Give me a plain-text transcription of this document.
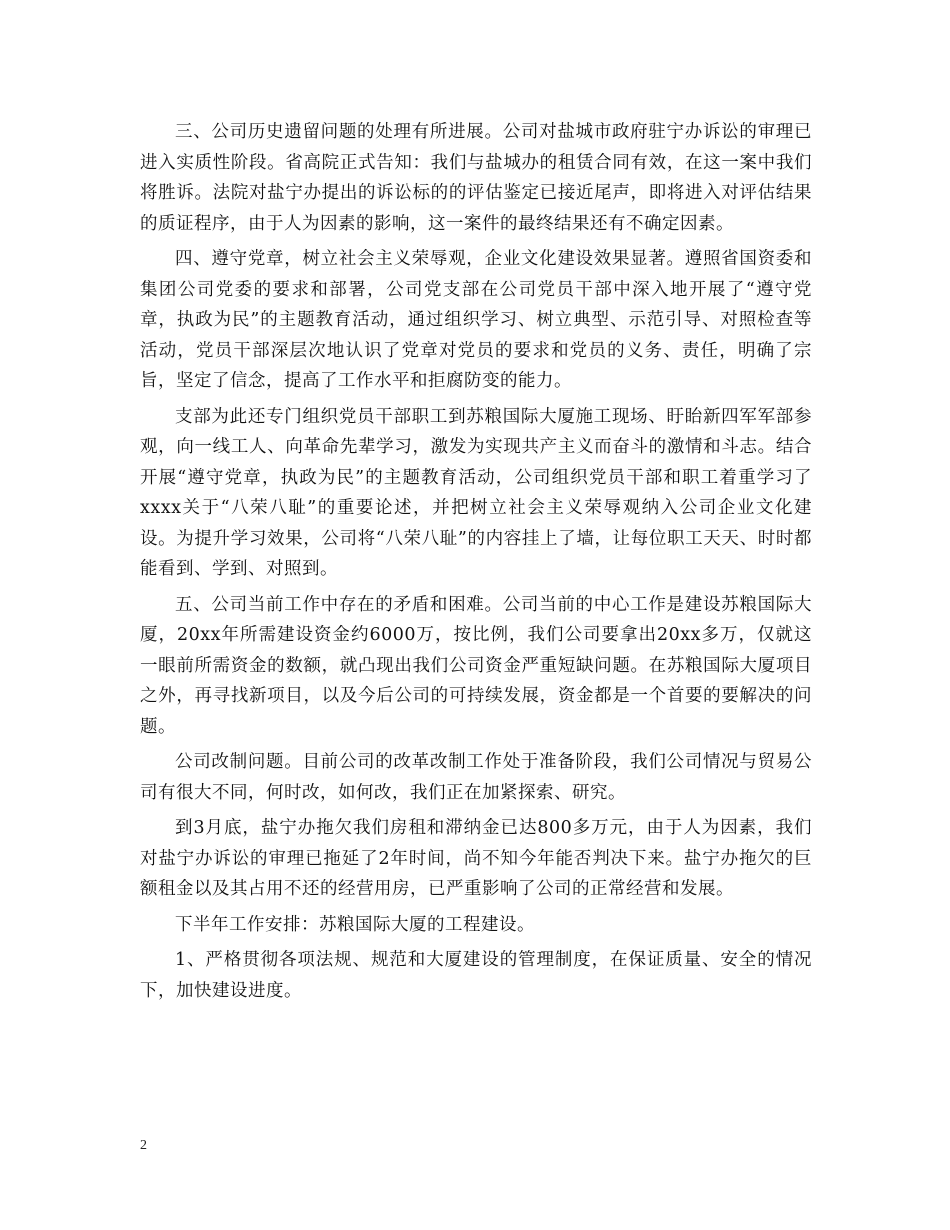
三、公司历史遗留问题的处理有所进展。公司对盐城市政府驻宁办诉讼的审理已进入实质性阶段。省高院正式告知：我们与盐城办的租赁合同有效，在这一案中我们将胜诉。法院对盐宁办提出的诉讼标的的评估鉴定已接近尾声，即将进入对评估结果的质证程序，由于人为因素的影响，这一案件的最终结果还有不确定因素。

四、遵守党章，树立社会主义荣辱观，企业文化建设效果显著。遵照省国资委和集团公司党委的要求和部署，公司党支部在公司党员干部中深入地开展了“遵守党章，执政为民”的主题教育活动，通过组织学习、树立典型、示范引导、对照检查等活动，党员干部深层次地认识了党章对党员的要求和党员的义务、责任，明确了宗旨，坚定了信念，提高了工作水平和拒腐防变的能力。

支部为此还专门组织党员干部职工到苏粮国际大厦施工现场、盱眙新四军军部参观，向一线工人、向革命先辈学习，激发为实现共产主义而奋斗的激情和斗志。结合开展“遵守党章，执政为民”的主题教育活动，公司组织党员干部和职工着重学习了xxxx关于“八荣八耻”的重要论述，并把树立社会主义荣辱观纳入公司企业文化建设。为提升学习效果，公司将“八荣八耻”的内容挂上了墙，让每位职工天天、时时都能看到、学到、对照到。

五、公司当前工作中存在的矛盾和困难。公司当前的中心工作是建设苏粮国际大厦，20xx年所需建设资金约6000万，按比例，我们公司要拿出20xx多万，仅就这一眼前所需资金的数额，就凸现出我们公司资金严重短缺问题。在苏粮国际大厦项目之外，再寻找新项目，以及今后公司的可持续发展，资金都是一个首要的要解决的问题。

公司改制问题。目前公司的改革改制工作处于准备阶段，我们公司情况与贸易公司有很大不同，何时改，如何改，我们正在加紧探索、研究。

到3月底，盐宁办拖欠我们房租和滞纳金已达800多万元，由于人为因素，我们对盐宁办诉讼的审理已拖延了2年时间，尚不知今年能否判决下来。盐宁办拖欠的巨额租金以及其占用不还的经营用房，已严重影响了公司的正常经营和发展。

下半年工作安排：苏粮国际大厦的工程建设。

1、严格贯彻各项法规、规范和大厦建设的管理制度，在保证质量、安全的情况下，加快建设进度。

2
